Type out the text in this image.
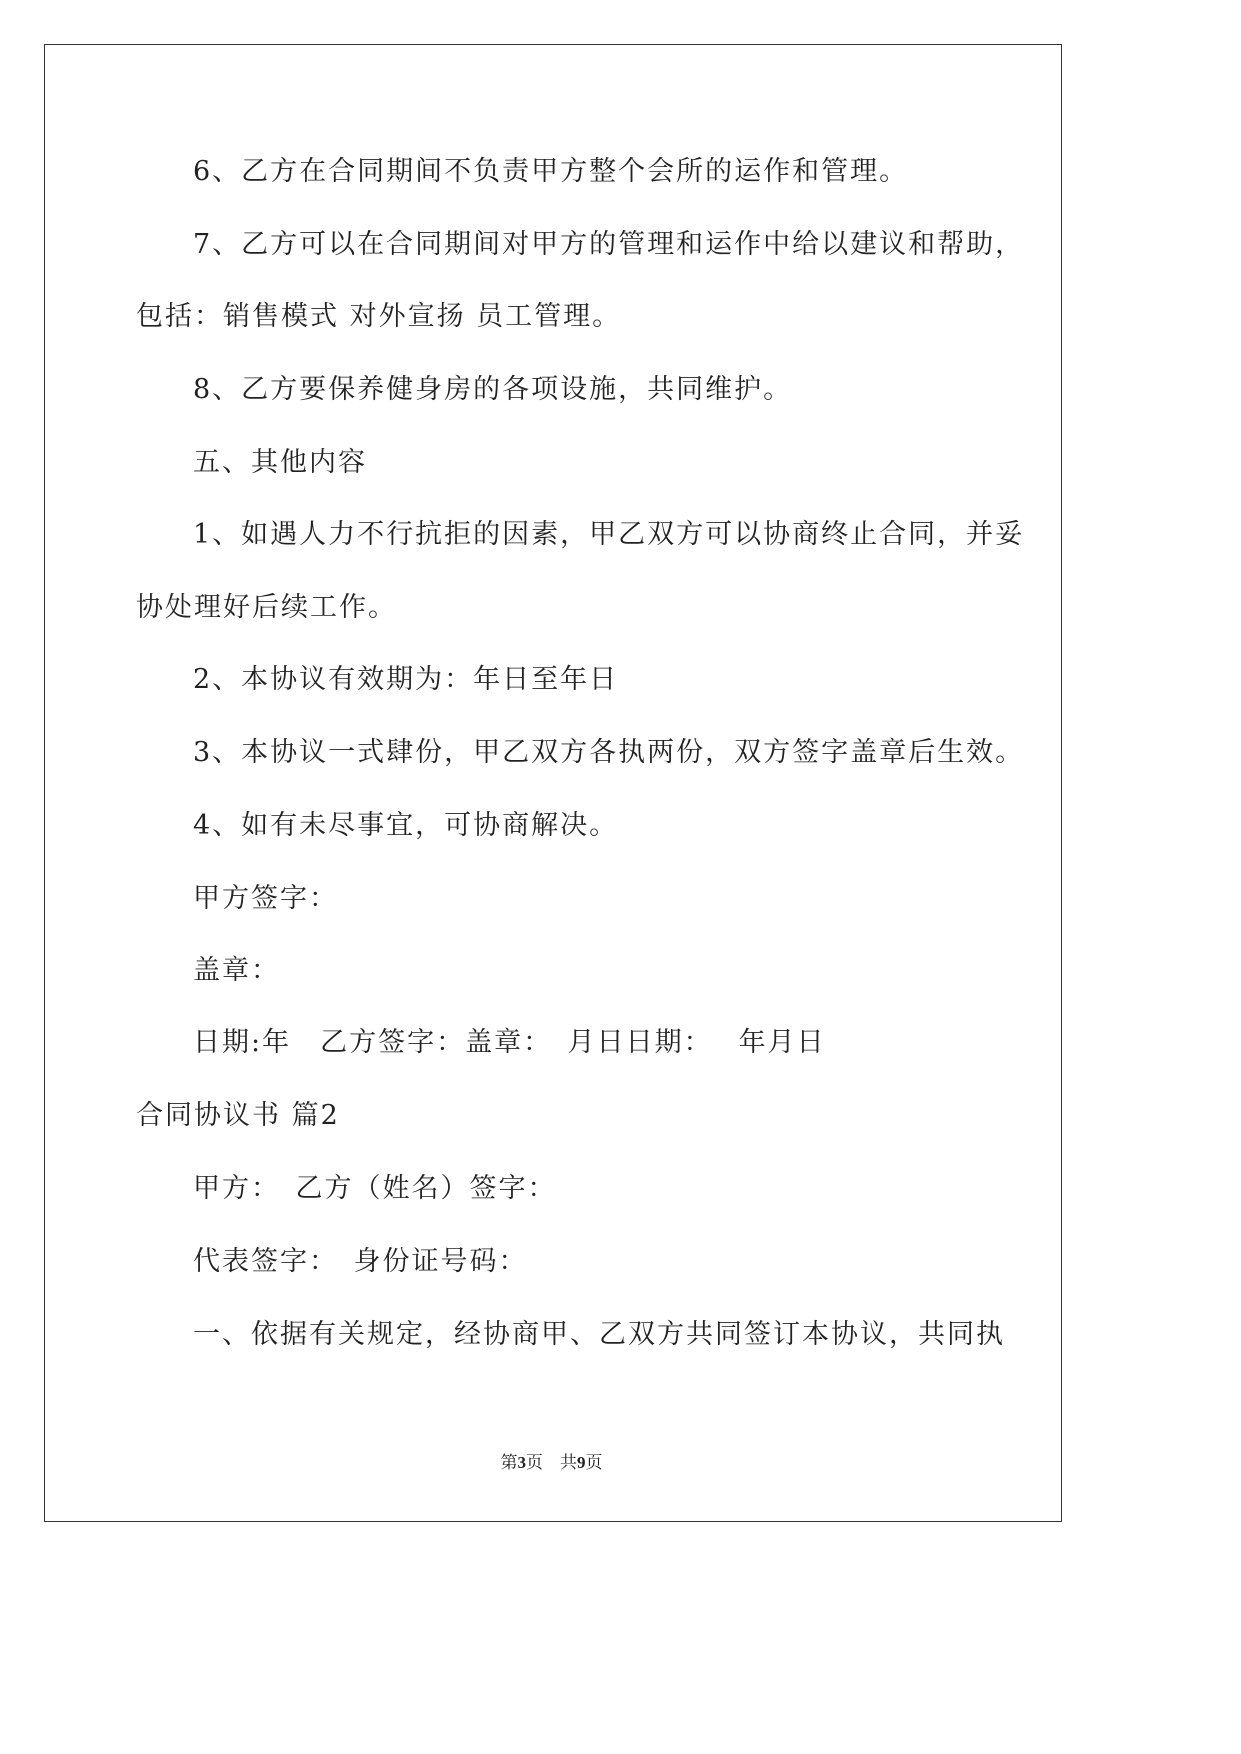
6、乙方在合同期间不负责甲方整个会所的运作和管理。
7、乙方可以在合同期间对甲方的管理和运作中给以建议和帮助，
包括：销售模式 对外宣扬 员工管理。
8、乙方要保养健身房的各项设施，共同维护。
五、其他内容
1、如遇人力不行抗拒的因素，甲乙双方可以协商终止合同，并妥
协处理好后续工作。
2、本协议有效期为：年日至年日
3、本协议一式肆份，甲乙双方各执两份，双方签字盖章后生效。
4、如有未尽事宜，可协商解决。
甲方签字：
盖章：
日期:年　乙方签字：盖章：　月日日期：　 年月日
合同协议书 篇2
甲方：　乙方（姓名）签字：
代表签字：　身份证号码：
一、依据有关规定，经协商甲、乙双方共同签订本协议，共同执
第3页　共9页
